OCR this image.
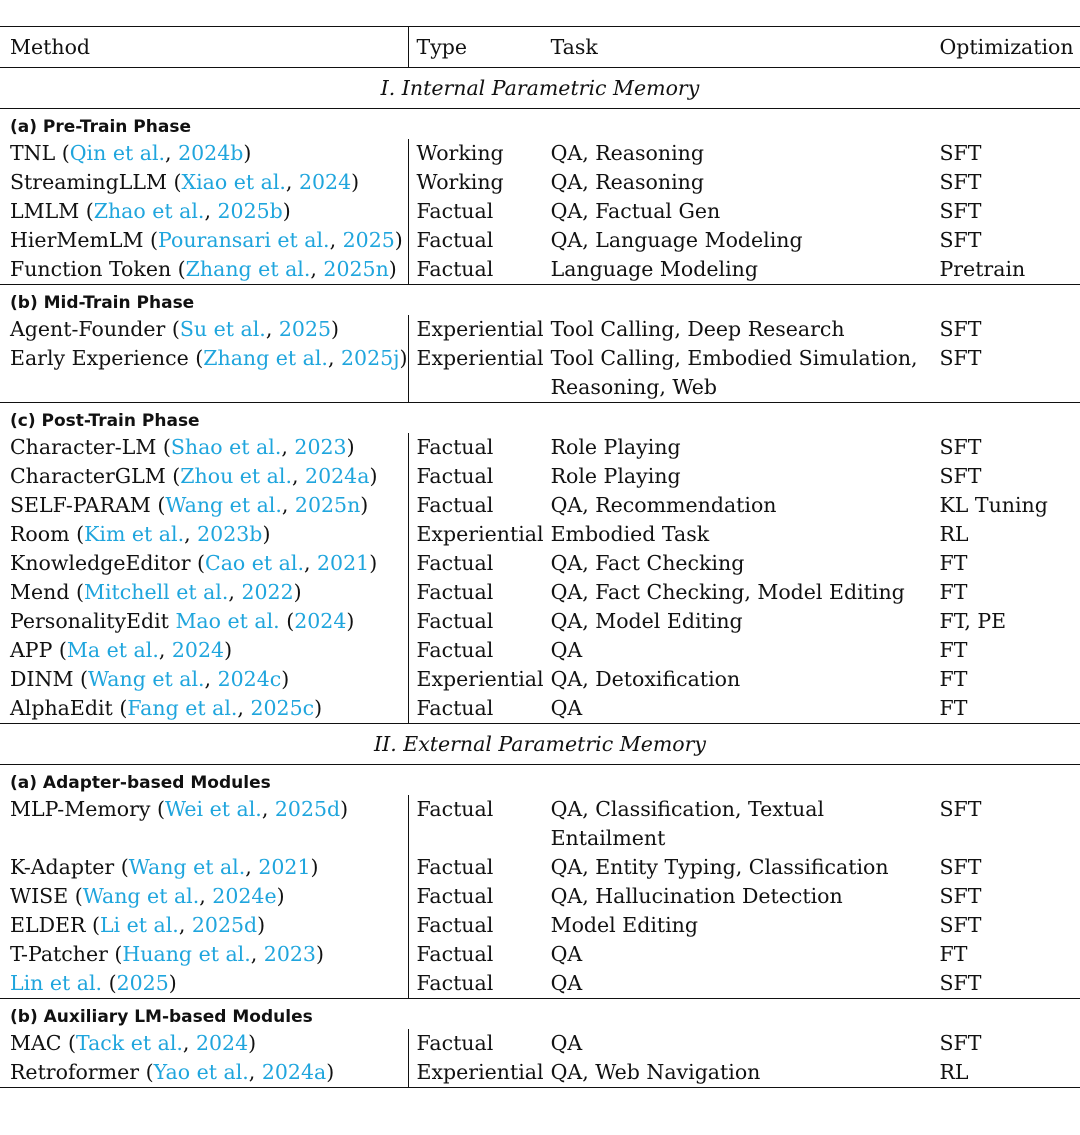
Method	Type	Task	Optimization
I. Internal Parametric Memory			
(a) Pre-Train Phase			
TNL (Qin et al., 2024b)	Working	QA, Reasoning	SFT
StreamingLLM (Xiao et al., 2024)	Working	QA, Reasoning	SFT
LMLM (Zhao et al., 2025b)	Factual	QA, Factual Gen	SFT
HierMemLM (Pouransari et al., 2025)	Factual	QA, Language Modeling	SFT
Function Token (Zhang et al., 2025n)	Factual	Language Modeling	Pretrain
(b) Mid-Train Phase			
Agent-Founder (Su et al., 2025)	Experiential	Tool Calling, Deep Research	SFT
Early Experience (Zhang et al., 2025j)	Experiential	Tool Calling, Embodied Simulation, Reasoning, Web	SFT
(c) Post-Train Phase			
Character-LM (Shao et al., 2023)	Factual	Role Playing	SFT
CharacterGLM (Zhou et al., 2024a)	Factual	Role Playing	SFT
SELF-PARAM (Wang et al., 2025n)	Factual	QA, Recommendation	KL Tuning
Room (Kim et al., 2023b)	Experiential	Embodied Task	RL
KnowledgeEditor (Cao et al., 2021)	Factual	QA, Fact Checking	FT
Mend (Mitchell et al., 2022)	Factual	QA, Fact Checking, Model Editing	FT
PersonalityEdit Mao et al. (2024)	Factual	QA, Model Editing	FT, PE
APP (Ma et al., 2024)	Factual	QA	FT
DINM (Wang et al., 2024c)	Experiential	QA, Detoxification	FT
AlphaEdit (Fang et al., 2025c)	Factual	QA	FT
II. External Parametric Memory			
(a) Adapter-based Modules			
MLP-Memory (Wei et al., 2025d)	Factual	QA, Classification, Textual Entailment	SFT
K-Adapter (Wang et al., 2021)	Factual	QA, Entity Typing, Classification	SFT
WISE (Wang et al., 2024e)	Factual	QA, Hallucination Detection	SFT
ELDER (Li et al., 2025d)	Factual	Model Editing	SFT
T-Patcher (Huang et al., 2023)	Factual	QA	FT
Lin et al. (2025)	Factual	QA	SFT
(b) Auxiliary LM-based Modules			
MAC (Tack et al., 2024)	Factual	QA	SFT
Retroformer (Yao et al., 2024a)	Experiential	QA, Web Navigation	RL
